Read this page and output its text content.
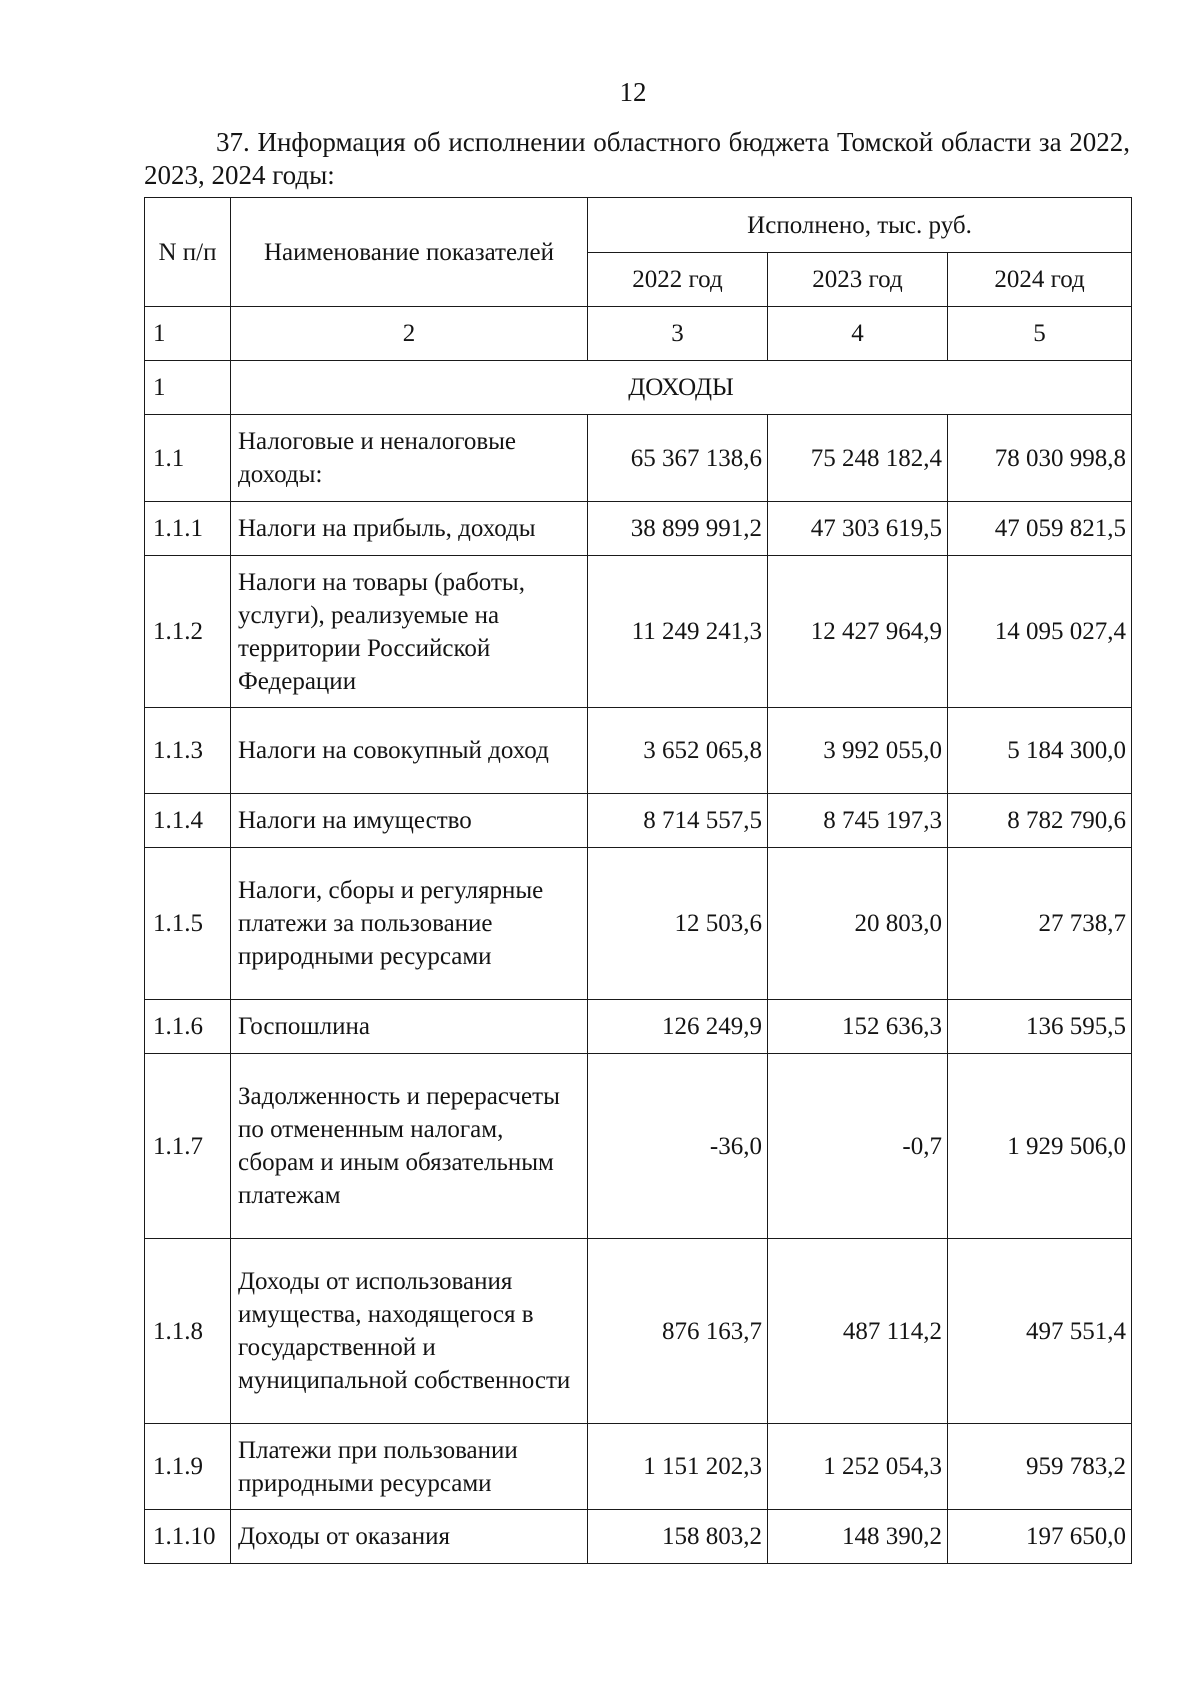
12
37. Информация об исполнении областного бюджета Томской области за 2022, 2023, 2024 годы:
N п/п	Наименование показателей	Исполнено, тыс. руб.		
		2022 год	2023 год	2024 год
1	2	3	4	5
1	ДОХОДЫ			
1.1	Налоговые и неналоговые доходы:	65 367 138,6	75 248 182,4	78 030 998,8
1.1.1	Налоги на прибыль, доходы	38 899 991,2	47 303 619,5	47 059 821,5
1.1.2	Налоги на товары (работы, услуги), реализуемые на территории Российской Федерации	11 249 241,3	12 427 964,9	14 095 027,4
1.1.3	Налоги на совокупный доход	3 652 065,8	3 992 055,0	5 184 300,0
1.1.4	Налоги на имущество	8 714 557,5	8 745 197,3	8 782 790,6
1.1.5	Налоги, сборы и регулярные платежи за пользование природными ресурсами	12 503,6	20 803,0	27 738,7
1.1.6	Госпошлина	126 249,9	152 636,3	136 595,5
1.1.7	Задолженность и перерасчеты по отмененным налогам, сборам и иным обязательным платежам	-36,0	-0,7	1 929 506,0
1.1.8	Доходы от использования имущества, находящегося в государственной и муниципальной собственности	876 163,7	487 114,2	497 551,4
1.1.9	Платежи при пользовании природными ресурсами	1 151 202,3	1 252 054,3	959 783,2
1.1.10	Доходы от оказания	158 803,2	148 390,2	197 650,0
